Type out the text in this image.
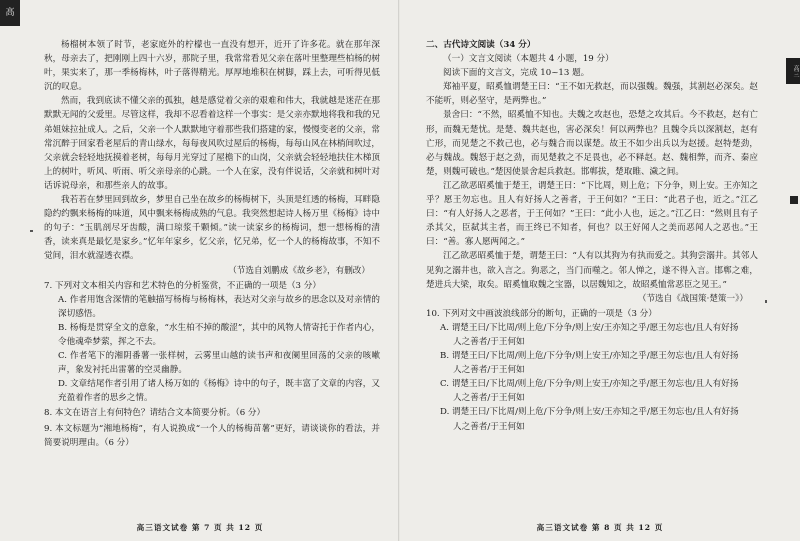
高

杨榴树本领了时节，老家庭外的柠檬也一直没有想开，近开了许多花。就在那年深秋，母亲去了，把刚刚上四十六岁，那院子里，我常常看见父亲在落叶里整理些柏杨的树叶，果实来了，那一季杨梅林，叶子落得精光。厚厚地堆积在树脚，踩上去，可听得见低沉的叹息。

然而，我到底读不懂父亲的孤独，越是感觉着父亲的艰难和伟大，我就越是迷茫在那默默无闻的父爱里。尽管这样，我却不忍看着这样一个事实：是父亲亦默地将我和我的兄弟姐妹拉扯成人。之后，父亲一个人默默地守着那些我们搭建的家，慢慢变老的父亲，常常沉醉于回家看老屋后的青山绿水，每每夜风吹过屋后的杨梅，每每山风在林梢间吹过，父亲就会轻轻地抚摸着老树，每每月光穿过了屋檐下的山岗，父亲就会轻轻地扶住木梯顶上的树叶，听风、听雨、听父亲母亲的心跳。一个人在家，没有伴说话，父亲就和树叶对话诉说母亲，和那些亲人的故事。

我若若在梦里回到故乡，梦里自己坐在故乡的杨梅树下，头顶是红透的杨梅，耳畔隐隐约约飘来杨梅的味道，风中飘来杨梅成熟的气息。我突然想起诗人杨万里《杨梅》诗中的句子：“玉肌剖尽牙齿酸，满口琼浆千颗倾。”读一读家乡的杨梅词，想一想杨梅的清香，读来真是最忆是家乡。”忆年年家乡，忆父亲，忆兄弟，忆一个人的杨梅故事，不知不觉间，泪水就湿透衣襟。

（节选自刘鹏成《故乡老》，有删改）

7. 下列对文本相关内容和艺术特色的分析鉴赏，不正确的一项是（3 分）

A. 作者用饱含深情的笔触描写杨梅与杨梅林，表达对父亲与故乡的思念以及对亲情的深切感悟。

B. 杨梅是贯穿全文的意象，“水生柏不掉的酸涩”，其中的风物人情寄托于作者内心，令他魂牵梦萦，挥之不去。

C. 作者笔下的湘阴番薯一张样树，云雾里山越的读书声和夜阑里回荡的父亲的咳嗽声，象发衬托出雷薯的空灵幽静。

D. 文章结尾作者引用了诸人杨万如的《杨梅》诗中的句子，既丰富了文章的内容，又充盈着作者的思乡之情。

8. 本文在语言上有何特色？请结合文本简要分析。（6 分）

9. 本文标题为“湘地杨梅”，有人说换成“一个人的杨梅苗薯”更好，请谈谈你的看法，并简要说明理由。（6 分）

高三语文试卷 第 7 页 共 12 页
高三

二、古代诗文阅读（34 分）

（一）文言文阅读（本题共 4 小题，19 分）

阅读下面的文言文，完成 10~13 题。

郑袖平夏，昭奚恤谓楚王曰：“王不如无救赵，而以强魏。魏强，其割赵必深矣。赵不能听，则必坚守，是两弊也。”

景舍曰：“不然，昭奚恤不知也。夫魏之攻赵也，恐楚之攻其后。今不救赵，赵有亡形，而魏无楚忧。是楚、魏共赵也，害必深矣！何以两弊也？且魏令兵以深割赵，赵有亡形，而见楚之不救己也，必与魏合而以谋楚。故王不如少出兵以为赵援。赵特楚劲，必与魏战。魏怒于赵之劲，而见楚救之不足畏也，必不释赵。赵、魏相弊，而齐、秦应楚，则魏可破也。”楚因使景舍起兵救赵。邯郸拔，楚取睢、濊之间。

江乙欲恶昭奚恤于楚王，谓楚王曰：“下比周，则上危；下分争，则上安。王亦知之乎？愿王勿忘也。且人有好扬人之善者，于王何如？”王曰：“此君子也，近之。”江乙曰：“有人好扬人之恶者，于王何如？”王曰：“此小人也，远之。”江乙曰：“然则且有子杀其父，臣弑其主者，而王终已不知者，何也？以王好闻人之美而恶闻人之恶也。”王曰：“善。寡人愿两闻之。”

江乙欲恶昭奚恤于楚，谓楚王曰：“人有以其狗为有执而爱之。其狗尝溺井。其邻人见狗之溺井也，欲入言之。狗恶之，当门而噬之。邻人惮之，遂不得入言。邯郸之难，楚进兵大梁，取矣。昭奚恤取魏之宝器，以居魏知之，故昭奚恤常恶臣之见王。”

（节选自《战国策·楚策一》）

10. 下列对文中画波浪线部分的断句，正确的一项是（3 分）

A. 谓楚王曰/下比周/则上危/下分争/则上安/王亦知之乎/愿王勿忘也/且人有好扬

人之善者/于王何如

B. 谓楚王曰/下比周/则上危/下分争/则上安王/亦知之乎/愿王勿忘也/且人有好扬

人之善者/于王何如

C. 谓楚王曰/下比周/则上危/下分争/则上安王/亦知之乎/愿王勿忘也/且人有好扬

人之善者/于王何如

D. 谓楚王曰/下比周/则上危/下分争/则上安/王亦知之乎/愿王勿忘也/且人有好扬

人之善者/于王何如

高三语文试卷 第 8 页 共 12 页
